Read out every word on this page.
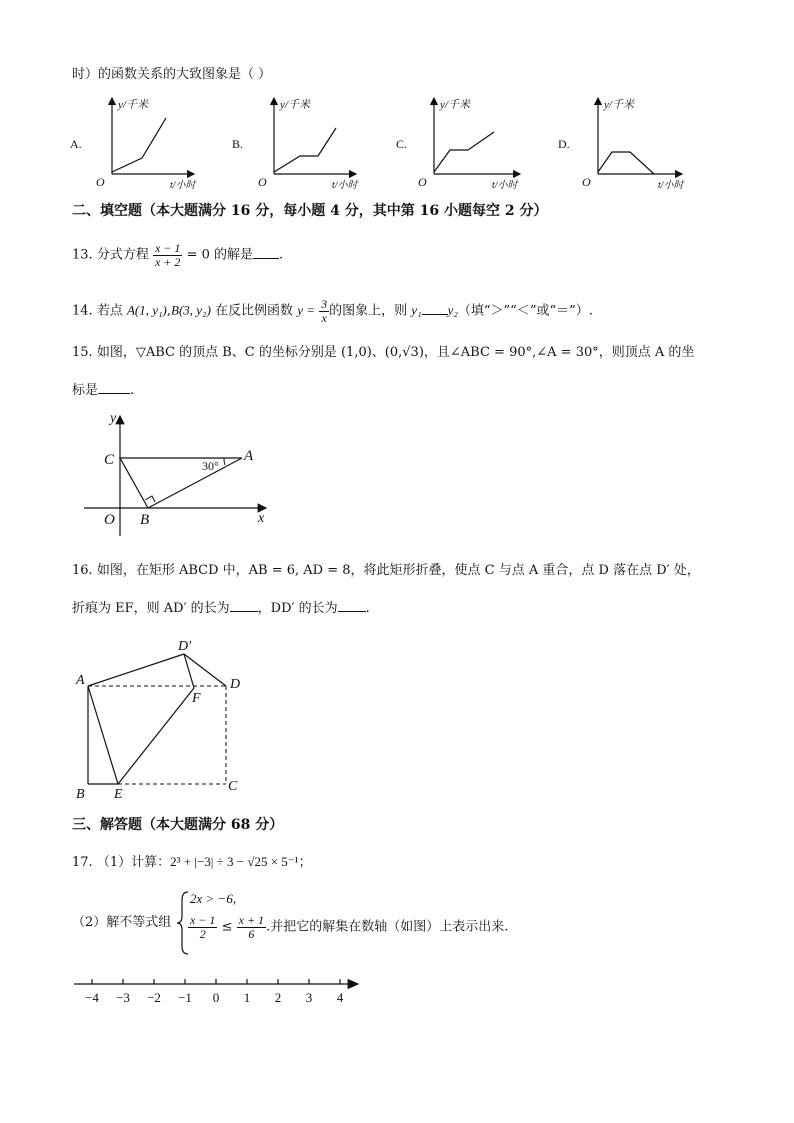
时）的函数关系的大致图象是（ ）
A.
y/千米
t/小时
O
B.
y/千米
t/小时
O
C.
y/千米
t/小时
O
D.
y/千米
t/小时
O
二、填空题（本大题满分 16 分，每小题 4 分，其中第 16 小题每空 2 分）
13. 分式方程 $\frac{x - 1}{x + 2} = 0$ 的解是 .
14. 若点 A(1, y₁),B(3, y₂) 在反比例函数 $y = \frac{3}{x}$ 的图象上，则 y₁ y₂（填“＞”“＜”或“＝”）.
15. 如图，▽ABC 的顶点 B、C 的坐标分别是 (1,0)、(0,√3)，且∠ABC = 90°,∠A = 30°，则顶点 A 的坐
标是 .
y
x
C	A
O B
30°
16. 如图，在矩形 ABCD 中，AB = 6, AD = 8，将此矩形折叠，使点 C 与点 A 重合，点 D 落在点 D′ 处，
折痕为 EF，则 AD′ 的长为 ，DD′ 的长为 .
A
D′
D
F
B E
C
三、解答题（本大题满分 68 分）
17. （1）计算：2³ + |−3| ÷ 3 − √25 × 5⁻¹；
（2）解不等式组
2x > −6,
$\frac{x - 1}{2} \le \frac{x + 1}{6}$ .并把它的解集在数轴（如图）上表示出来.
−4 −3 −2 −1 0 1 2 3 4
